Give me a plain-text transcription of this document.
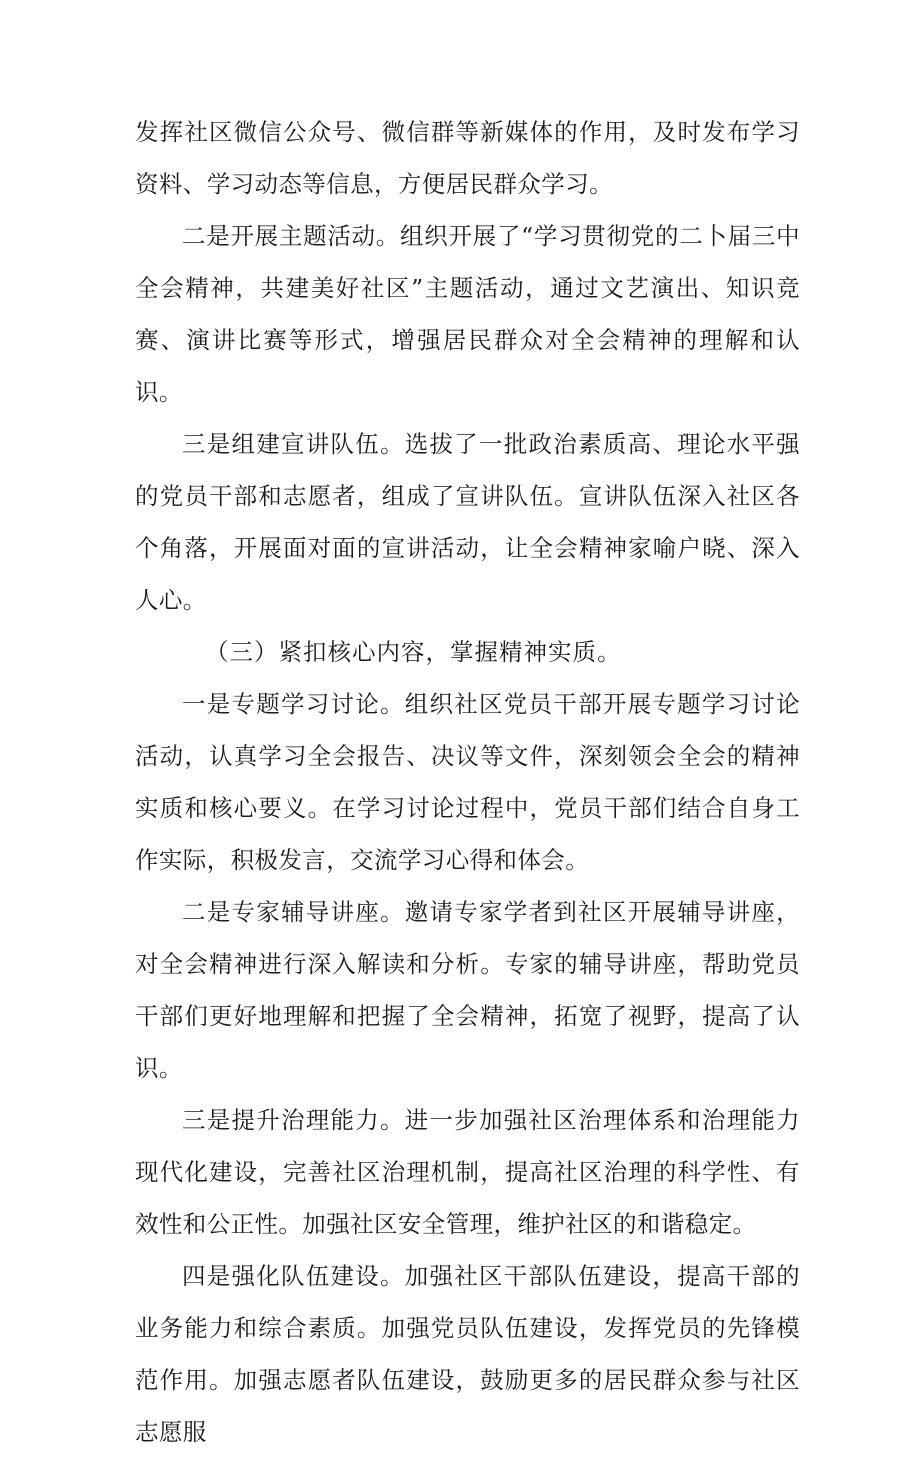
发挥社区微信公众号、微信群等新媒体的作用，及时发布学习资料、学习动态等信息，方便居民群众学习。

二是开展主题活动。组织开展了“学习贯彻党的二卜届三中全会精神，共建美好社区”主题活动，通过文艺演出、知识竞赛、演讲比赛等形式，增强居民群众对全会精神的理解和认识。

三是组建宣讲队伍。选拔了一批政治素质高、理论水平强的党员干部和志愿者，组成了宣讲队伍。宣讲队伍深入社区各个角落，开展面对面的宣讲活动，让全会精神家喻户晓、深入人心。

（三）紧扣核心内容，掌握精神实质。

一是专题学习讨论。组织社区党员干部开展专题学习讨论活动，认真学习全会报告、决议等文件，深刻领会全会的精神实质和核心要义。在学习讨论过程中，党员干部们结合自身工作实际，积极发言，交流学习心得和体会。

二是专家辅导讲座。邀请专家学者到社区开展辅导讲座，对全会精神进行深入解读和分析。专家的辅导讲座，帮助党员干部们更好地理解和把握了全会精神，拓宽了视野，提高了认识。

三是提升治理能力。进一步加强社区治理体系和治理能力现代化建设，完善社区治理机制，提高社区治理的科学性、有效性和公正性。加强社区安全管理，维护社区的和谐稳定。

四是强化队伍建设。加强社区干部队伍建设，提高干部的业务能力和综合素质。加强党员队伍建设，发挥党员的先锋模范作用。加强志愿者队伍建设，鼓励更多的居民群众参与社区志愿服
